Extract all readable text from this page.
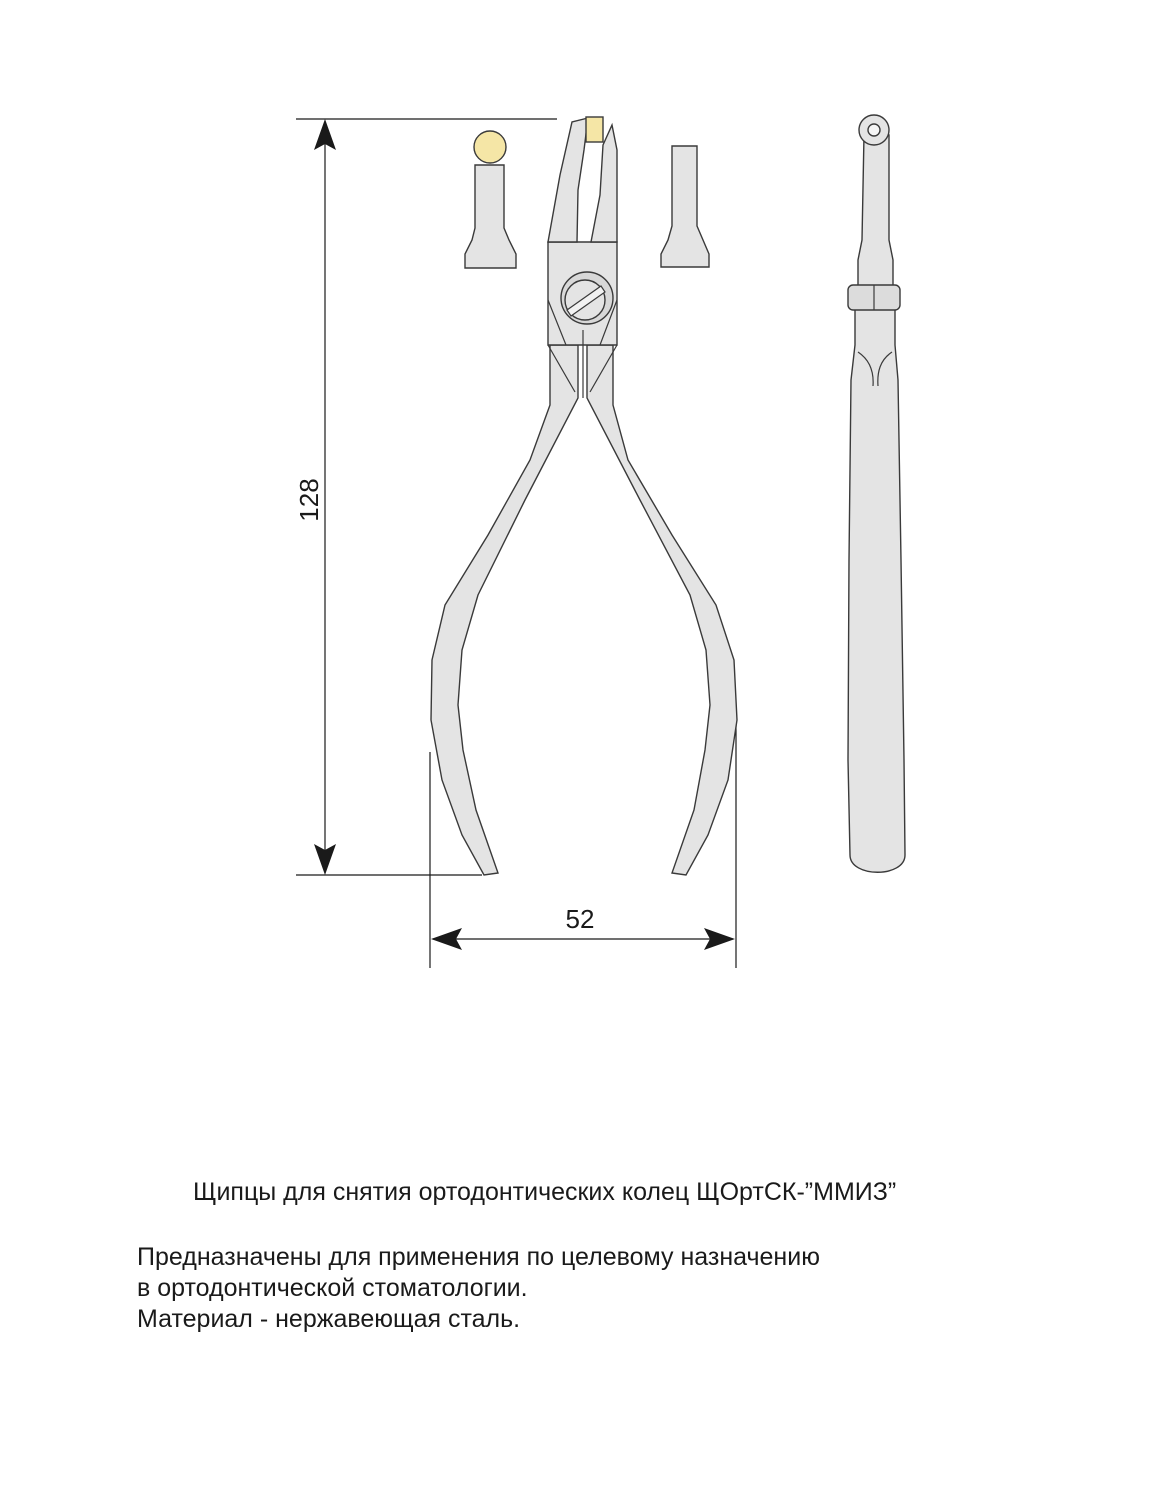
128
52
Щипцы для снятия ортодонтических колец ЩОртСК-”ММИЗ”
Предназначены для применения по целевому назначению
в ортодонтической стоматологии.
Материал - нержавеющая сталь.
